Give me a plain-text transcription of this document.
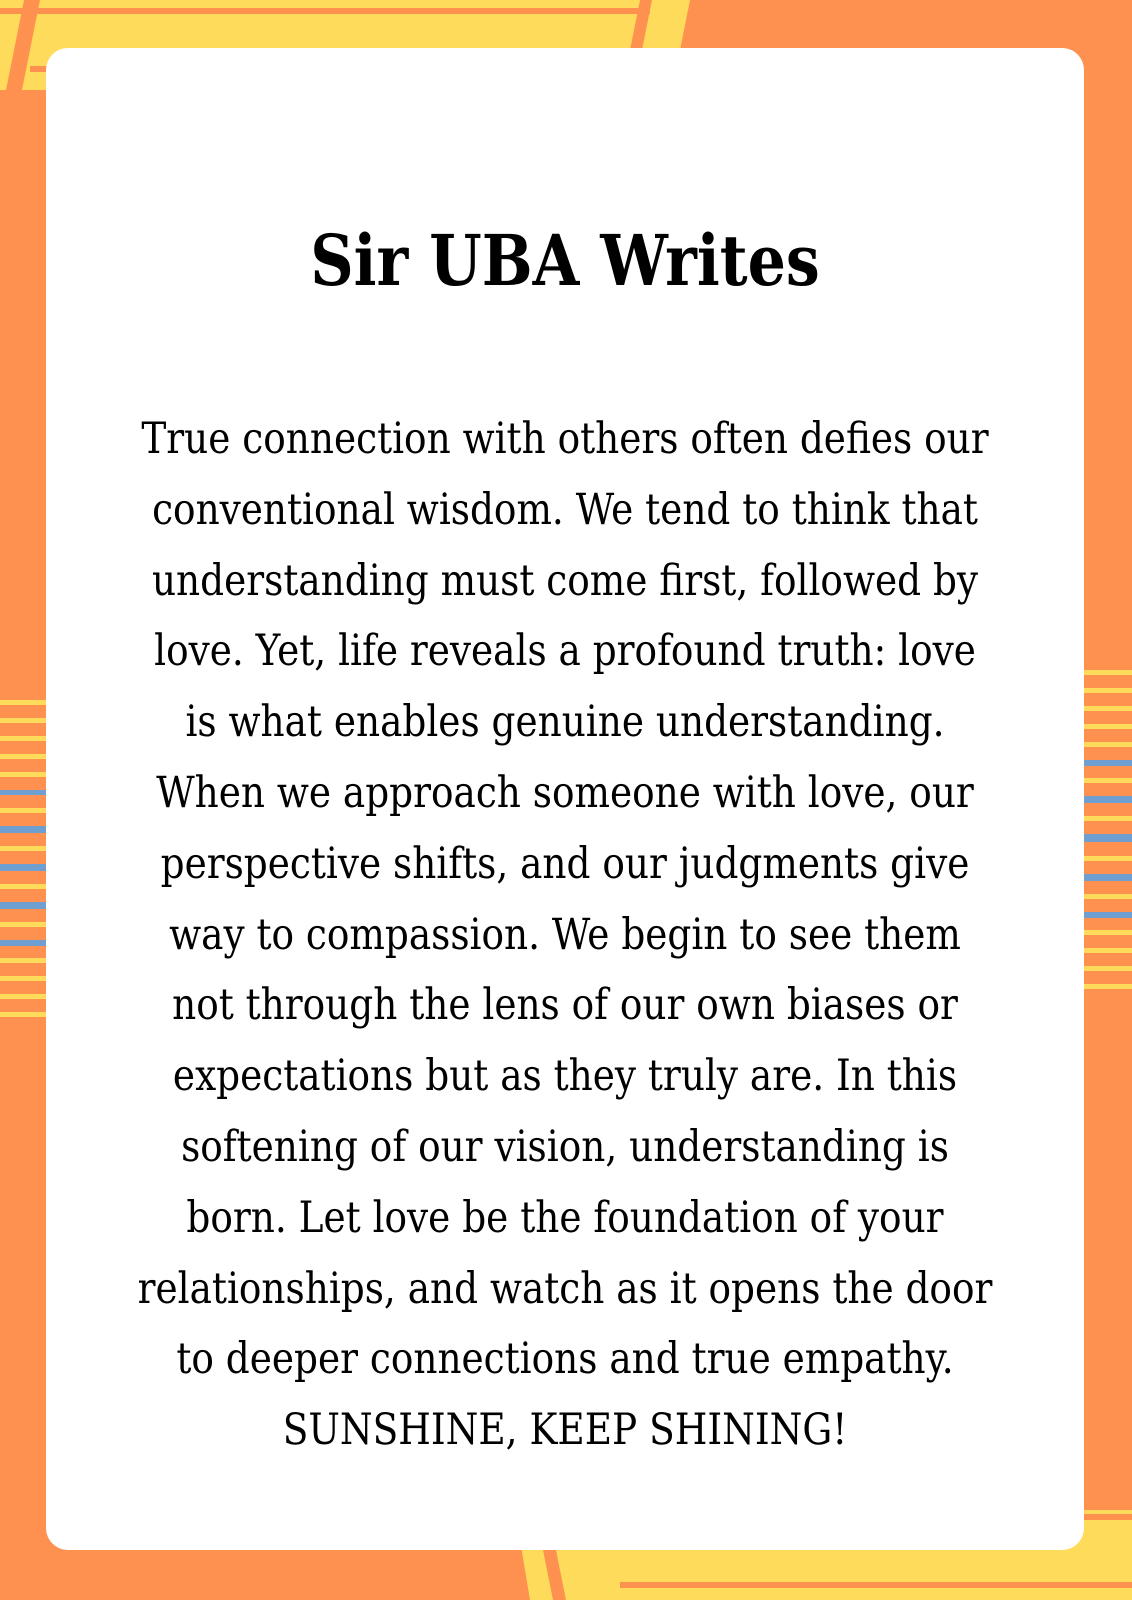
Sir UBA Writes
True connection with others often defies our
conventional wisdom. We tend to think that
understanding must come first, followed by
love. Yet, life reveals a profound truth: love
is what enables genuine understanding.
When we approach someone with love, our
perspective shifts, and our judgments give
way to compassion. We begin to see them
not through the lens of our own biases or
expectations but as they truly are. In this
softening of our vision, understanding is
born. Let love be the foundation of your
relationships, and watch as it opens the door
to deeper connections and true empathy.
SUNSHINE, KEEP SHINING!
